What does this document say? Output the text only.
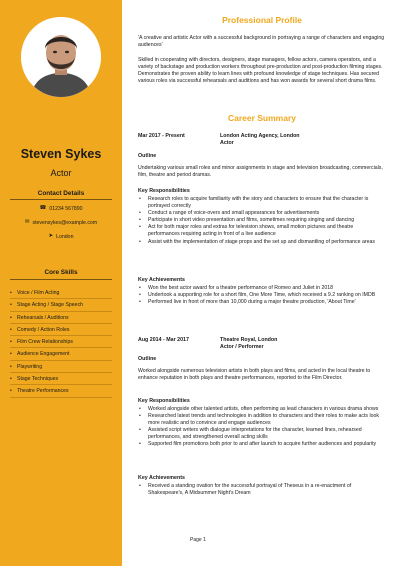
Steven Sykes
Actor
Contact Details
☎ 01234 567890
✉ stevensykes@example.com
➤ London
Core Skills
• Voice / Film Acting
• Stage Acting / Stage Speech
• Rehearsals / Auditions
• Comedy / Action Roles
• Film Crew Relationships
• Audience Engagement
• Playwriting
• Stage Techniques
• Theatre Performances
Professional Profile
'A creative and artistic Actor with a successful background in portraying a range of characters and engaging audiences'
Skilled in cooperating with directors, designers, stage managers, fellow actors, camera operators, and a variety of backstage and production workers throughout pre-production and post-production filming stages. Demonstrates the proven ability to learn lines with profound knowledge of stage techniques. Has secured various roles via successful rehearsals and auditions and has won awards for several short drama films.
Career Summary
Mar 2017 - Present	London Acting Agency, London
Actor
Outline
Undertaking various small roles and minor assignments in stage and television broadcasting, commercials, film, theatre and period dramas.
Key Responsibilities
• Research roles to acquire familiarity with the story and characters to ensure that the character is portrayed correctly
• Conduct a range of voice-overs and small appearances for advertisements
• Participate in short video presentation and films, sometimes requiring singing and dancing
• Act for both major roles and extras for television shows, small motion pictures and theatre performances requiring acting in front of a live audience
• Assist with the implementation of stage props and the set up and dismantling of performance areas
Key Achievements
• Won the best actor award for a theatre performance of Romeo and Juliet in 2018
• Undertook a supporting role for a short film, One More Time, which received a 9.2 ranking on IMDB
• Performed live in front of more than 10,000 during a major theatre production, 'About Time'
Aug 2014 - Mar 2017	Theatre Royal, London
Actor / Performer
Outline
Worked alongside numerous television artists in both plays and films, and acted in the local theatre to enhance reputation in both plays and theatre performances, reported to the Film Director.
Key Responsibilities
• Worked alongside other talented artists, often performing as lead characters in various drama shows
• Researched latest trends and technologies in addition to characters and their roles to make acts look more realistic and to convince and engage audiences
• Assisted script writers with dialogue interpretations for the character, learned lines, rehearsed performances, and strengthened overall acting skills
• Supported film promotions both prior to and after launch to acquire further audiences and popularity
Key Achievements
• Received a standing ovation for the successful portrayal of Theseus in a re-enactment of Shakespeare's, A Midsummer Night's Dream
Page 1
